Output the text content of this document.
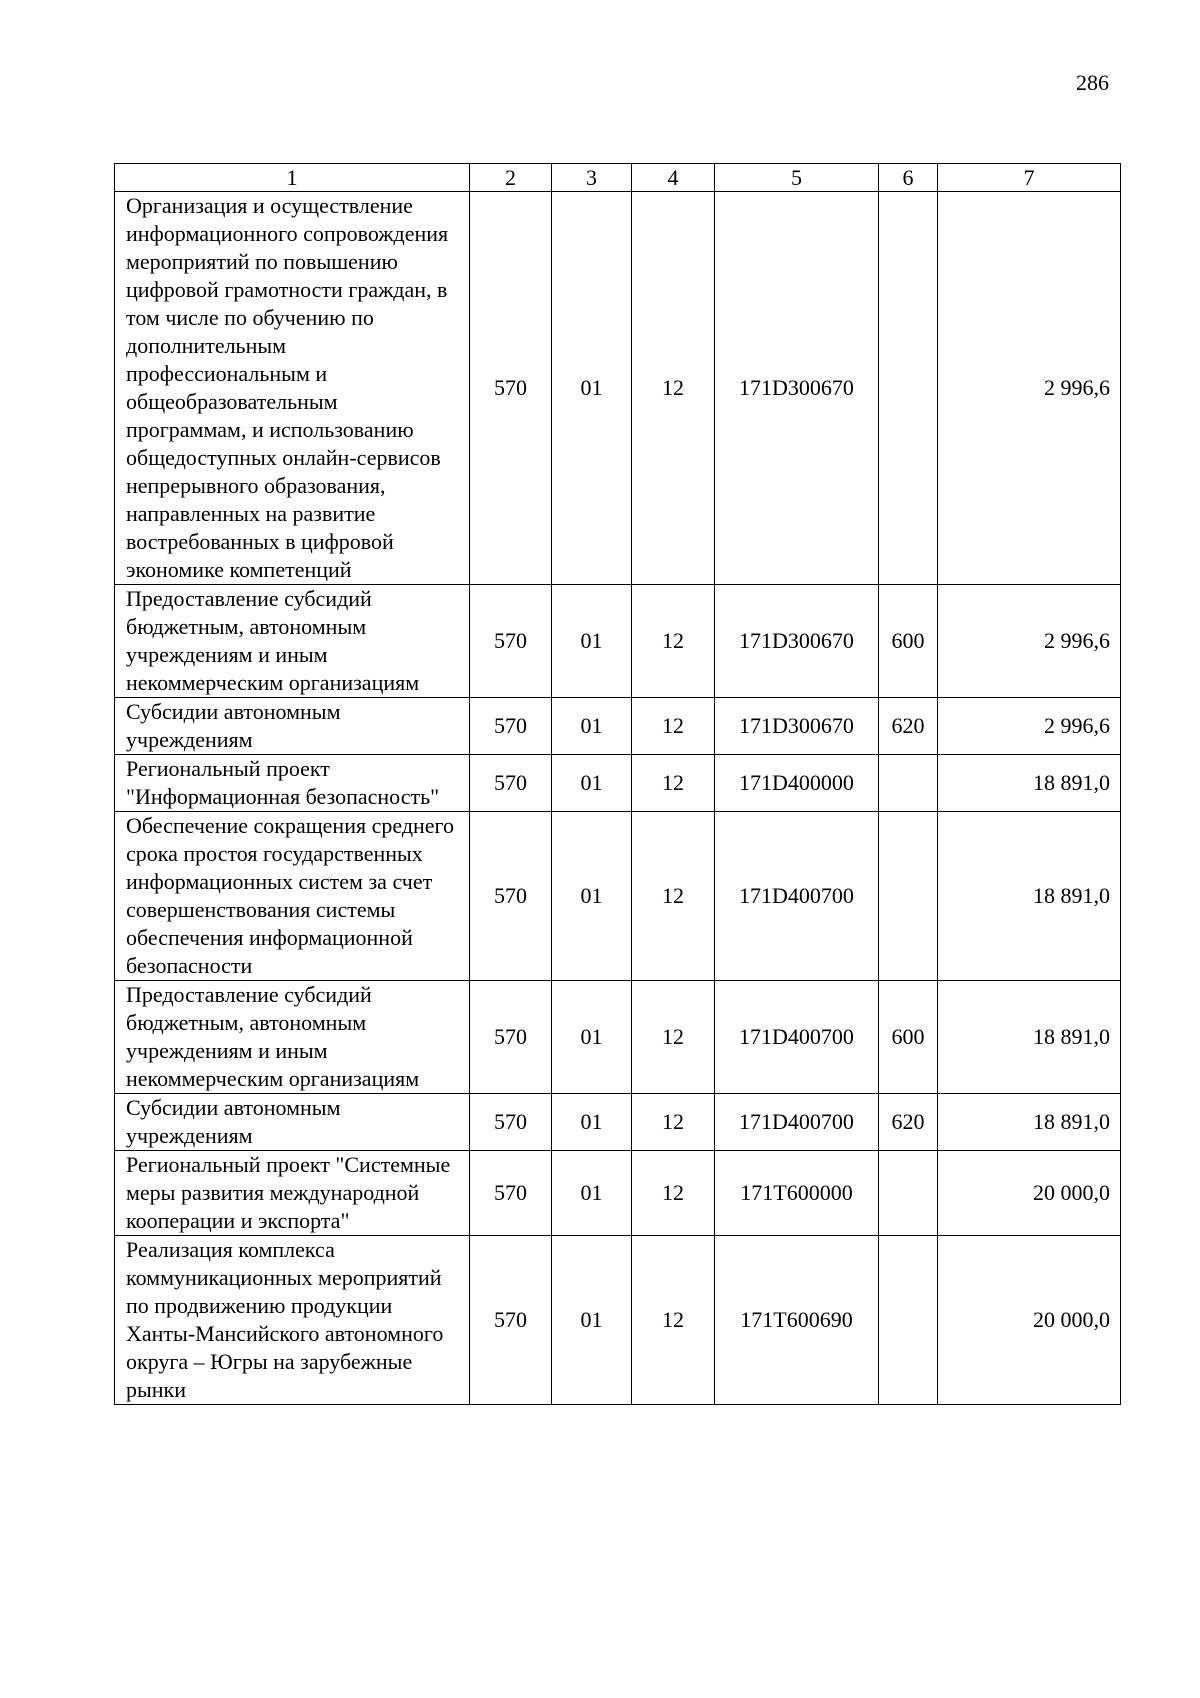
286
1	2	3	4	5	6	7
Организация и осуществление информационного сопровождения мероприятий по повышению цифровой грамотности граждан, в том числе по обучению по дополнительным профессиональным и общеобразовательным программам, и использованию общедоступных онлайн-сервисов непрерывного образования, направленных на развитие востребованных в цифровой экономике компетенций	570	01	12	171D300670		2 996,6
Предоставление субсидий бюджетным, автономным учреждениям и иным некоммерческим организациям	570	01	12	171D300670	600	2 996,6
Субсидии автономным учреждениям	570	01	12	171D300670	620	2 996,6
Региональный проект "Информационная безопасность"	570	01	12	171D400000		18 891,0
Обеспечение сокращения среднего срока простоя государственных информационных систем за счет совершенствования системы обеспечения информационной безопасности	570	01	12	171D400700		18 891,0
Предоставление субсидий бюджетным, автономным учреждениям и иным некоммерческим организациям	570	01	12	171D400700	600	18 891,0
Субсидии автономным учреждениям	570	01	12	171D400700	620	18 891,0
Региональный проект "Системные меры развития международной кооперации и экспорта"	570	01	12	171T600000		20 000,0
Реализация комплекса коммуникационных мероприятий по продвижению продукции Ханты-Мансийского автономного округа – Югры на зарубежные рынки	570	01	12	171T600690		20 000,0
